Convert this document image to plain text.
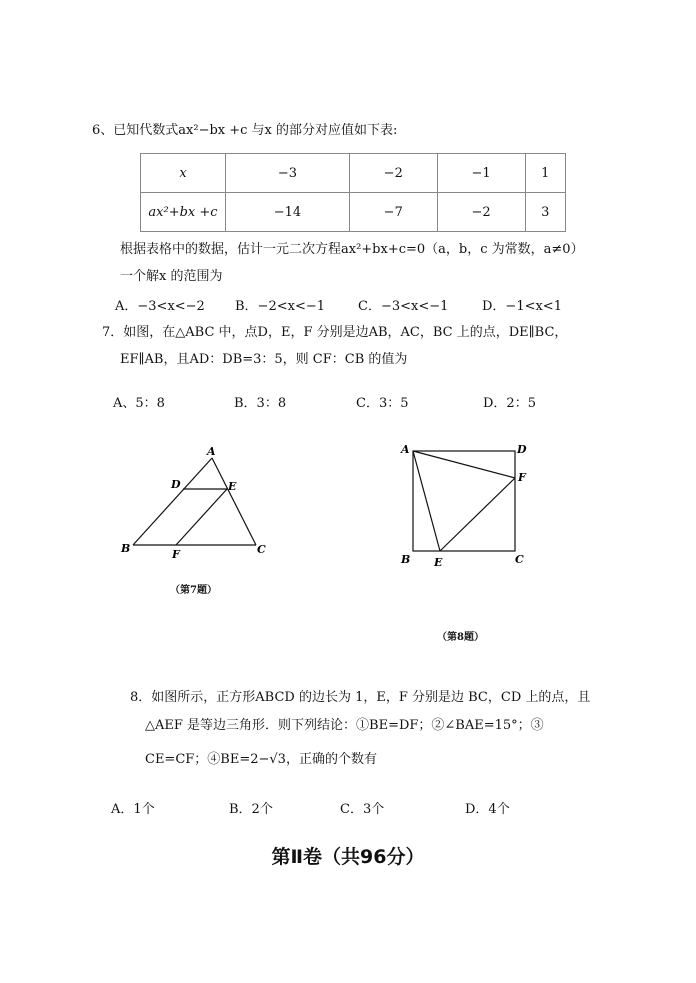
6、已知代数式ax²−bx +c 与x 的部分对应值如下表:
x	−3	−2	−1	1
ax²+bx +c	−14	−7	−2	3
根据表格中的数据，估计一元二次方程ax²+bx+c=0（a，b，c 为常数，a≠0）
一个解x 的范围为
A．−3<x<−2 B．−2<x<−1	C．−3<x<−1	D．−1<x<1
7．如图，在△ABC 中，点D，E，F 分别是边AB，AC，BC 上的点，DE∥BC，
EF∥AB，且AD：DB=3：5，则 CF：CB 的值为
A、5：8	B．3：8	C．3：5	D．2：5
A
D	E
B	F	C
A	D
F
B E	C
（第7题）
（第8题）
8．如图所示，正方形ABCD 的边长为 1，E，F 分别是边 BC，CD 上的点，且
△AEF 是等边三角形．则下列结论：①BE=DF；②∠BAE=15°；③
CE=CF；④BE=2−√3，正确的个数有
A．1个	B．2个	C．3个	D．4个
第Ⅱ卷（共96分）
